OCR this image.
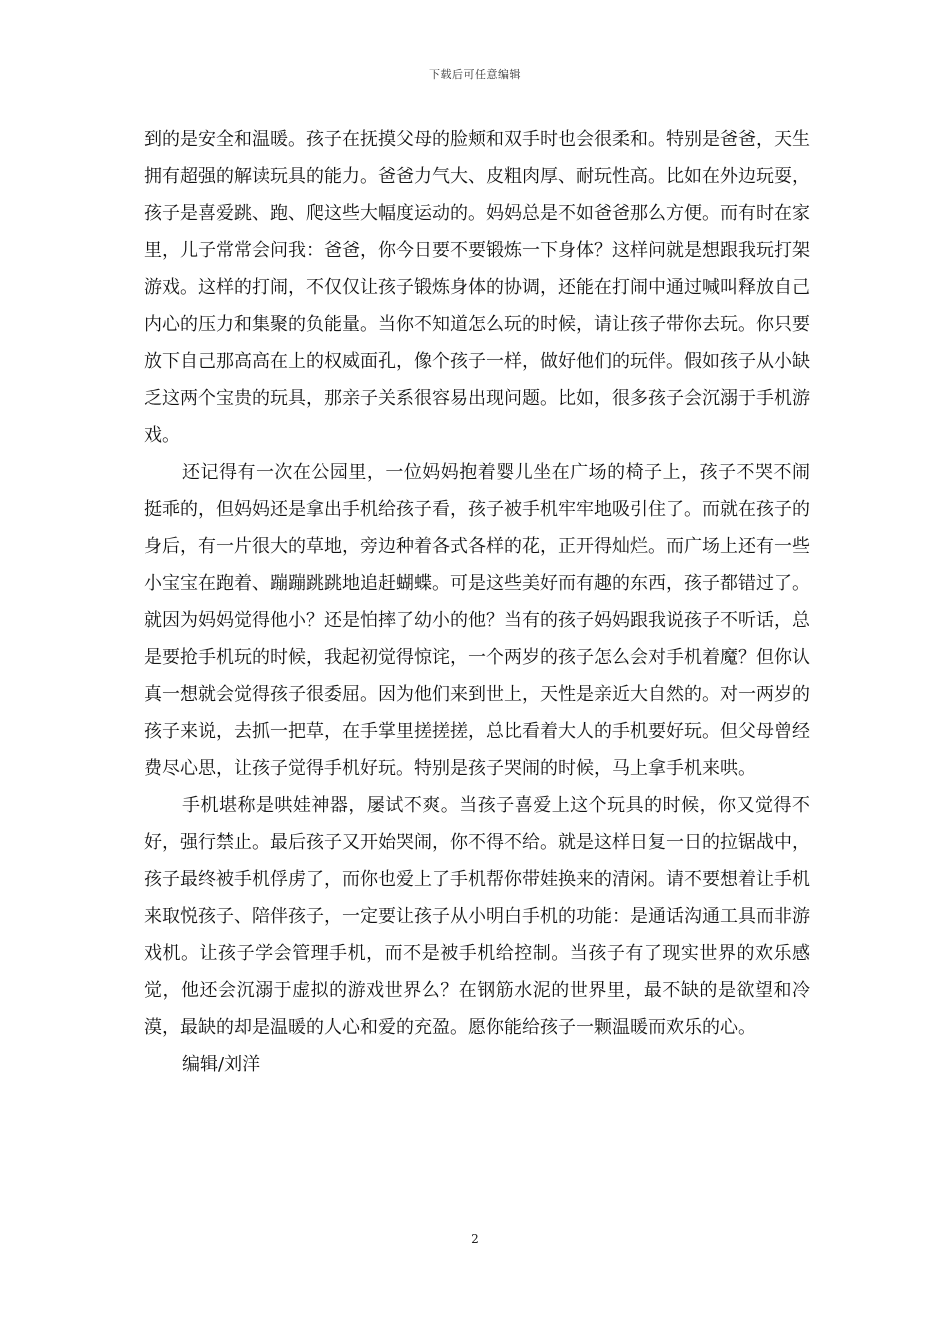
下载后可任意编辑

到的是安全和温暖。孩子在抚摸父母的脸颊和双手时也会很柔和。特别是爸爸，天生拥有超强的解读玩具的能力。爸爸力气大、皮粗肉厚、耐玩性高。比如在外边玩耍，孩子是喜爱跳、跑、爬这些大幅度运动的。妈妈总是不如爸爸那么方便。而有时在家里，儿子常常会问我：爸爸，你今日要不要锻炼一下身体？这样问就是想跟我玩打架游戏。这样的打闹，不仅仅让孩子锻炼身体的协调，还能在打闹中通过喊叫释放自己内心的压力和集聚的负能量。当你不知道怎么玩的时候，请让孩子带你去玩。你只要放下自己那高高在上的权威面孔，像个孩子一样，做好他们的玩伴。假如孩子从小缺乏这两个宝贵的玩具，那亲子关系很容易出现问题。比如，很多孩子会沉溺于手机游戏。

还记得有一次在公园里，一位妈妈抱着婴儿坐在广场的椅子上，孩子不哭不闹挺乖的，但妈妈还是拿出手机给孩子看，孩子被手机牢牢地吸引住了。而就在孩子的身后，有一片很大的草地，旁边种着各式各样的花，正开得灿烂。而广场上还有一些小宝宝在跑着、蹦蹦跳跳地追赶蝴蝶。可是这些美好而有趣的东西，孩子都错过了。就因为妈妈觉得他小？还是怕摔了幼小的他？当有的孩子妈妈跟我说孩子不听话，总是要抢手机玩的时候，我起初觉得惊诧，一个两岁的孩子怎么会对手机着魔？但你认真一想就会觉得孩子很委屈。因为他们来到世上，天性是亲近大自然的。对一两岁的孩子来说，去抓一把草，在手掌里搓搓搓，总比看着大人的手机要好玩。但父母曾经费尽心思，让孩子觉得手机好玩。特别是孩子哭闹的时候，马上拿手机来哄。

手机堪称是哄娃神器，屡试不爽。当孩子喜爱上这个玩具的时候，你又觉得不好，强行禁止。最后孩子又开始哭闹，你不得不给。就是这样日复一日的拉锯战中，孩子最终被手机俘虏了，而你也爱上了手机帮你带娃换来的清闲。请不要想着让手机来取悦孩子、陪伴孩子，一定要让孩子从小明白手机的功能：是通话沟通工具而非游戏机。让孩子学会管理手机，而不是被手机给控制。当孩子有了现实世界的欢乐感觉，他还会沉溺于虚拟的游戏世界么？在钢筋水泥的世界里，最不缺的是欲望和冷漠，最缺的却是温暖的人心和爱的充盈。愿你能给孩子一颗温暖而欢乐的心。

编辑/刘洋

2
